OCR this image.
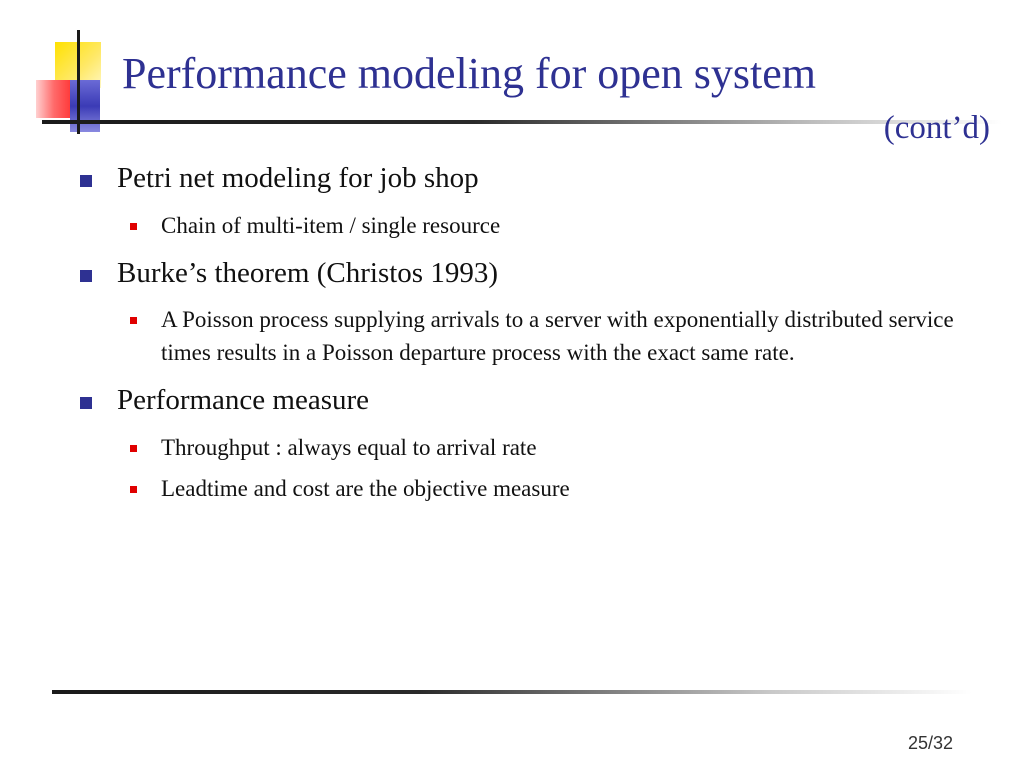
Performance modeling for open system
(cont’d)
Petri net modeling for job shop
Chain of multi-item / single resource
Burke’s theorem (Christos 1993)
A Poisson process supplying arrivals to a server with exponentially distributed service times results in a Poisson departure process with the exact same rate.
Performance measure
Throughput : always equal to arrival rate
Leadtime and cost are the objective measure
25/32
